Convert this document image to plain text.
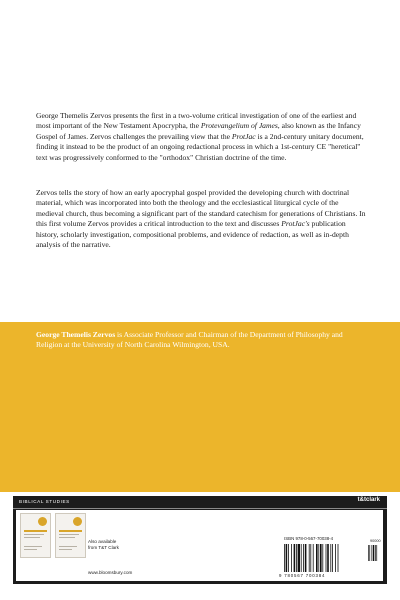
George Themelis Zervos presents the first in a two-volume critical investigation of one of the earliest and most important of the New Testament Apocrypha, the Protevangelium of James, also known as the Infancy Gospel of James. Zervos challenges the prevailing view that the ProtJac is a 2nd-century unitary document, finding it instead to be the product of an ongoing redactional process in which a 1st-century CE "heretical" text was progressively conformed to the "orthodox" Christian doctrine of the time.

Zervos tells the story of how an early apocryphal gospel provided the developing church with doctrinal material, which was incorporated into both the theology and the ecclesiastical liturgical cycle of the medieval church, thus becoming a significant part of the standard catechism for generations of Christians. In this first volume Zervos provides a critical introduction to the text and discusses ProtJac's publication history, scholarly investigation, compositional problems, and evidence of redaction, as well as in-depth analysis of the narrative.

George Themelis Zervos is Associate Professor and Chairman of the Department of Philosophy and Religion at the University of North Carolina Wilmington, USA.

BIBLICAL STUDIES	t&tclark

Also available
from T&T Clark

www.bloomsbury.com
ISBN 978-0-567-70038-4
9 780567 700384
90000
